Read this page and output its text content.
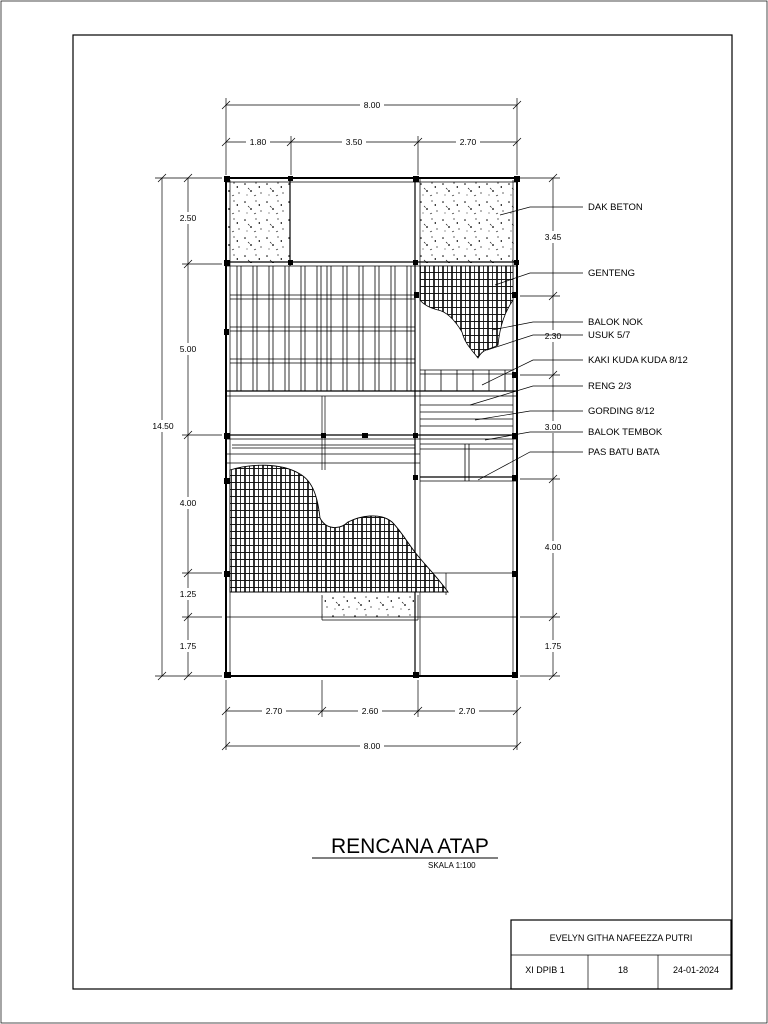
8.00
1.80	3.50	2.70
2.70	2.60	2.70
8.00
14.50
2.50
5.00
4.00
1.25
1.75
3.45
2.30
3.00
4.00
1.75
DAK BETON
GENTENG
BALOK NOK
USUK 5/7
KAKI KUDA KUDA 8/12
RENG 2/3
GORDING 8/12
BALOK TEMBOK
PAS BATU BATA
RENCANA ATAP
SKALA 1:100
EVELYN GITHA NAFEEZZA PUTRI
XI DPIB 1	18	24-01-2024
